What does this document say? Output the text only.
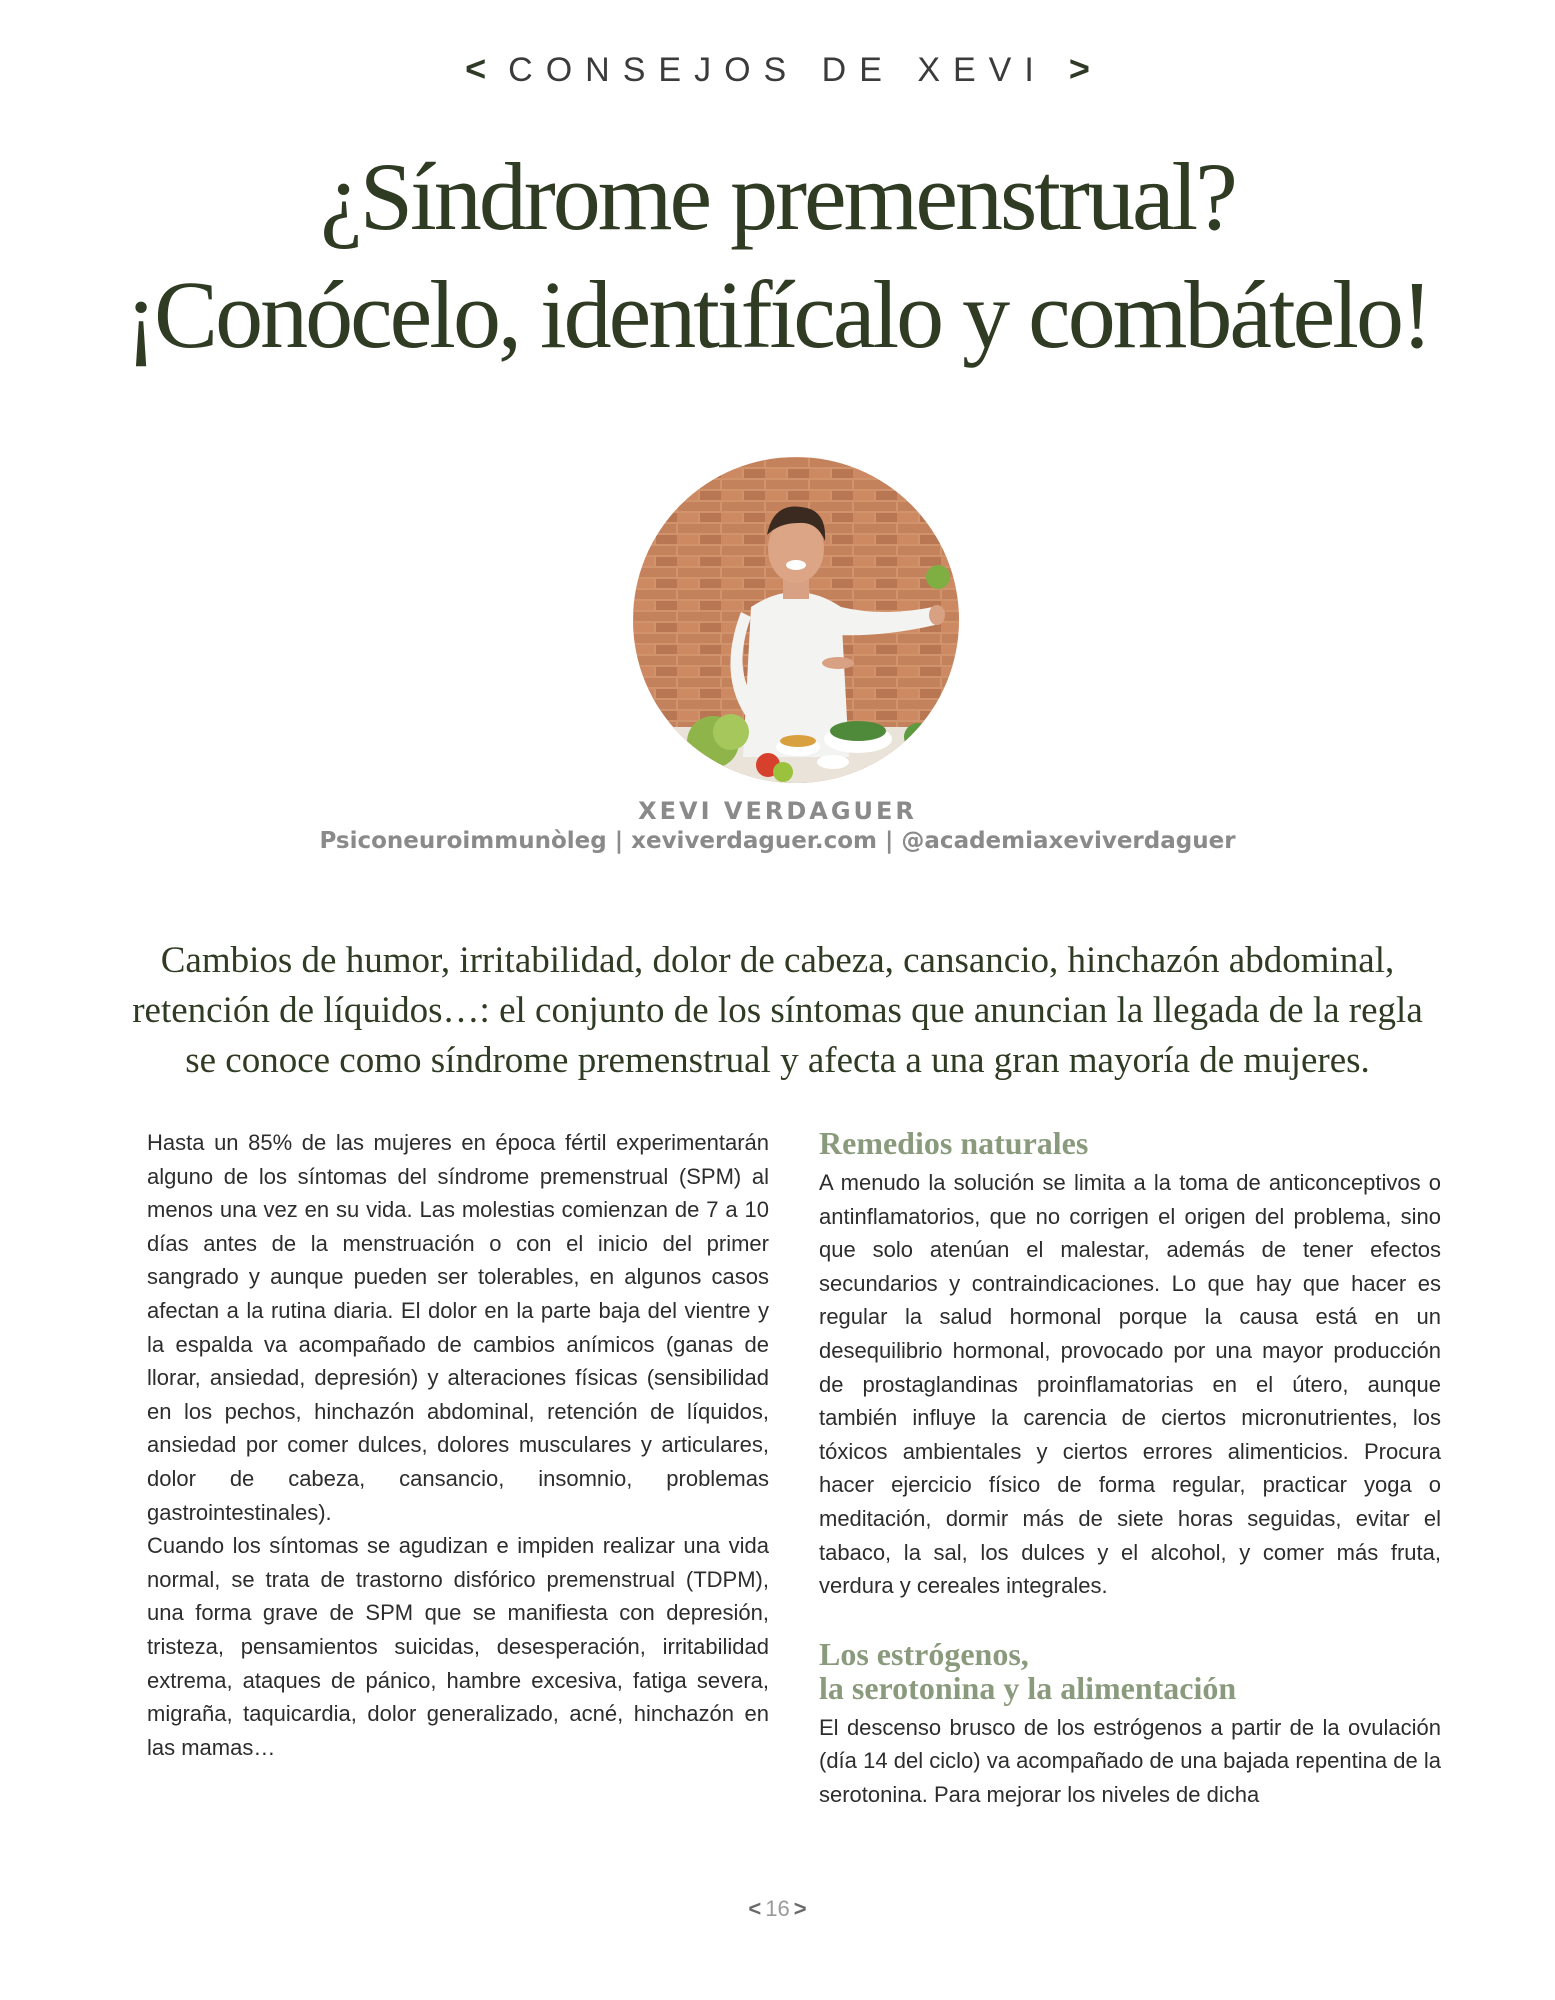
< CONSEJOS DE XEVI >
¿Síndrome premenstrual?
¡Conócelo, identifícalo y combátelo!
XEVI VERDAGUER
Psiconeuroimmunòleg | xeviverdaguer.com | @academiaxeviverdaguer
Cambios de humor, irritabilidad, dolor de cabeza, cansancio, hinchazón abdominal, retención de líquidos…: el conjunto de los síntomas que anuncian la llegada de la regla se conoce como síndrome premenstrual y afecta a una gran mayoría de mujeres.

Hasta un 85% de las mujeres en época fértil experimentarán alguno de los síntomas del síndrome premenstrual (SPM) al menos una vez en su vida. Las molestias comienzan de 7 a 10 días antes de la menstruación o con el inicio del primer sangrado y aunque pueden ser tolerables, en algunos casos afectan a la rutina diaria. El dolor en la parte baja del vientre y la espalda va acompañado de cambios anímicos (ganas de llorar, ansiedad, depresión) y alteraciones físicas (sensibilidad en los pechos, hinchazón abdominal, retención de líquidos, ansiedad por comer dulces, dolores musculares y articulares, dolor de cabeza, cansancio, insomnio, problemas gastrointestinales).

Cuando los síntomas se agudizan e impiden realizar una vida normal, se trata de trastorno disfórico premenstrual (TDPM), una forma grave de SPM que se manifiesta con depresión, tristeza, pensamientos suicidas, desesperación, irritabilidad extrema, ataques de pánico, hambre excesiva, fatiga severa, migraña, taquicardia, dolor generalizado, acné, hinchazón en las mamas…

Remedios naturales

A menudo la solución se limita a la toma de anticonceptivos o antinflamatorios, que no corrigen el origen del problema, sino que solo atenúan el malestar, además de tener efectos secundarios y contraindicaciones. Lo que hay que hacer es regular la salud hormonal porque la causa está en un desequilibrio hormonal, provocado por una mayor producción de prostaglandinas proinflamatorias en el útero, aunque también influye la carencia de ciertos micronutrientes, los tóxicos ambientales y ciertos errores alimenticios. Procura hacer ejercicio físico de forma regular, practicar yoga o meditación, dormir más de siete horas seguidas, evitar el tabaco, la sal, los dulces y el alcohol, y comer más fruta, verdura y cereales integrales.

Los estrógenos,
la serotonina y la alimentación

El descenso brusco de los estrógenos a partir de la ovulación (día 14 del ciclo) va acompañado de una bajada repentina de la serotonina. Para mejorar los niveles de dicha

< 16 >
